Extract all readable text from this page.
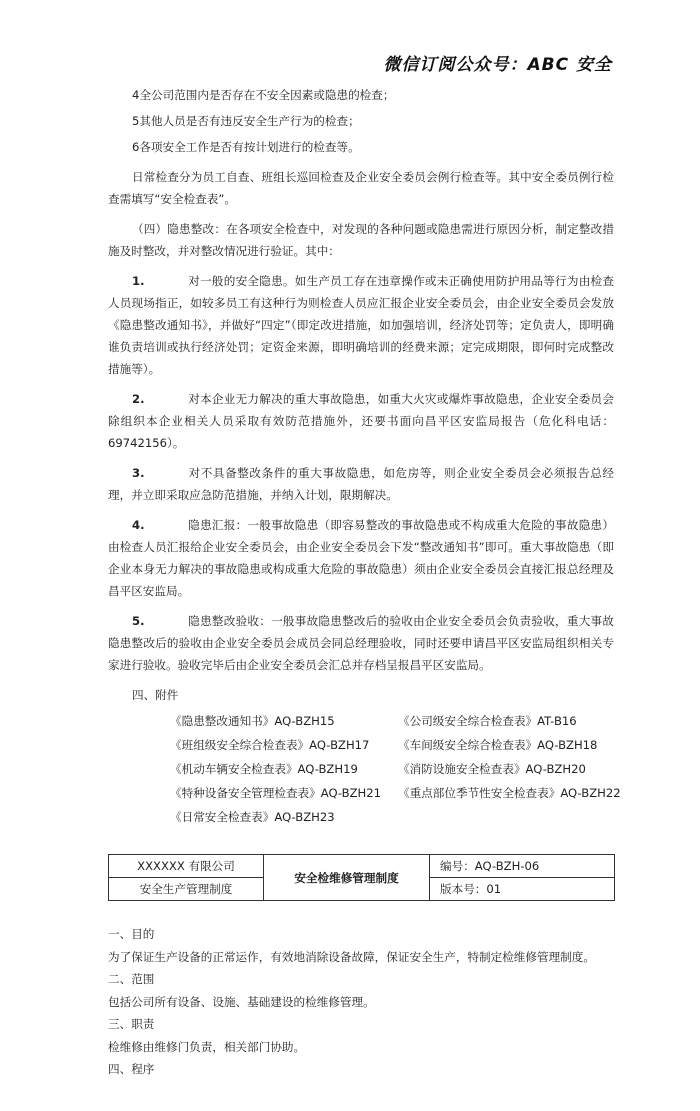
微信订阅公众号：ABC 安全

4全公司范围内是否存在不安全因素或隐患的检查；

5其他人员是否有违反安全生产行为的检查；

6各项安全工作是否有按计划进行的检查等。

日常检查分为员工自查、班组长巡回检查及企业安全委员会例行检查等。其中安全委员例行检查需填写“安全检查表”。

（四）隐患整改：在各项安全检查中，对发现的各种问题或隐患需进行原因分析，制定整改措施及时整改，并对整改情况进行验证。其中：

1.	对一般的安全隐患。如生产员工存在违章操作或未正确使用防护用品等行为由检查人员现场指正，如较多员工有这种行为则检查人员应汇报企业安全委员会，由企业安全委员会发放《隐患整改通知书》，并做好“四定”（即定改进措施，如加强培训，经济处罚等；定负责人，即明确谁负责培训或执行经济处罚；定资金来源，即明确培训的经费来源；定完成期限，即何时完成整改措施等）。

2.	对本企业无力解决的重大事故隐患，如重大火灾或爆炸事故隐患，企业安全委员会除组织本企业相关人员采取有效防范措施外，还要书面向昌平区安监局报告（危化科电话：69742156）。

3.	对不具备整改条件的重大事故隐患，如危房等，则企业安全委员会必须报告总经理，并立即采取应急防范措施，并纳入计划，限期解决。

4.	隐患汇报：一般事故隐患（即容易整改的事故隐患或不构成重大危险的事故隐患）由检查人员汇报给企业安全委员会，由企业安全委员会下发“整改通知书”即可。重大事故隐患（即企业本身无力解决的事故隐患或构成重大危险的事故隐患）须由企业安全委员会直接汇报总经理及昌平区安监局。

5.	隐患整改验收：一般事故隐患整改后的验收由企业安全委员会负责验收，重大事故隐患整改后的验收由企业安全委员会成员会同总经理验收，同时还要申请昌平区安监局组织相关专家进行验收。验收完毕后由企业安全委员会汇总并存档呈报昌平区安监局。

四、附件

《隐患整改通知书》AQ-BZH15	《公司级安全综合检查表》AT-B16
《班组级安全综合检查表》AQ-BZH17	《车间级安全综合检查表》AQ-BZH18
《机动车辆安全检查表》AQ-BZH19	《消防设施安全检查表》AQ-BZH20
《特种设备安全管理检查表》AQ-BZH21	《重点部位季节性安全检查表》AQ-BZH22
《日常安全检查表》AQ-BZH23
XXXXXX 有限公司	安全检维修管理制度	编号：AQ-BZH-06
安全生产管理制度		版本号：01
一、目的
为了保证生产设备的正常运作，有效地消除设备故障，保证安全生产，特制定检维修管理制度。
二、范围
包括公司所有设备、设施、基础建设的检维修管理。
三、职责
检维修由维修门负责，相关部门协助。
四、程序
